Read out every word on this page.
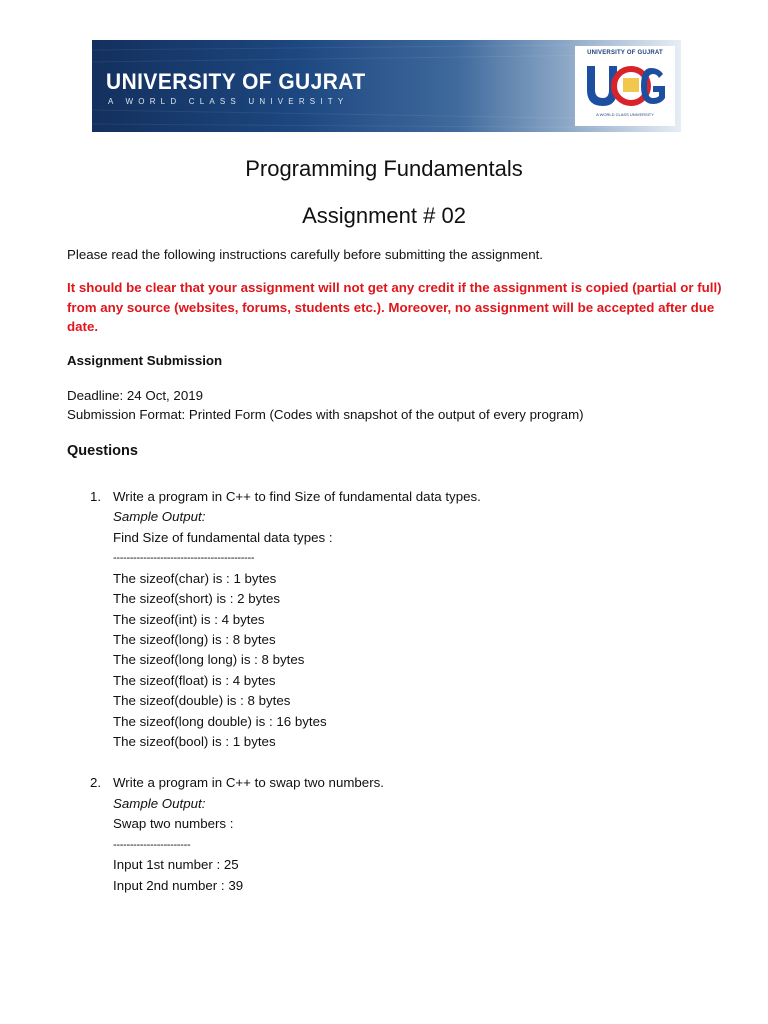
UNIVERSITY OF GUJRAT
A WORLD CLASS UNIVERSITY
UNIVERSITY OF GUJRAT
A WORLD CLASS UNIVERSITY
Programming Fundamentals
Assignment # 02
Please read the following instructions carefully before submitting the assignment.
It should be clear that your assignment will not get any credit if the assignment is copied (partial or full)
from any source (websites, forums, students etc.). Moreover, no assignment will be accepted after due
date.
Assignment Submission
Deadline: 24 Oct, 2019
Submission Format: Printed Form (Codes with snapshot of the output of every program)
Questions
1. Write a program in C++ to find Size of fundamental data types.
Sample Output:
Find Size of fundamental data types :
------------------------------------------
The sizeof(char) is : 1 bytes
The sizeof(short) is : 2 bytes
The sizeof(int) is : 4 bytes
The sizeof(long) is : 8 bytes
The sizeof(long long) is : 8 bytes
The sizeof(float) is : 4 bytes
The sizeof(double) is : 8 bytes
The sizeof(long double) is : 16 bytes
The sizeof(bool) is : 1 bytes
2. Write a program in C++ to swap two numbers.
Sample Output:
Swap two numbers :
-----------------------
Input 1st number : 25
Input 2nd number : 39
